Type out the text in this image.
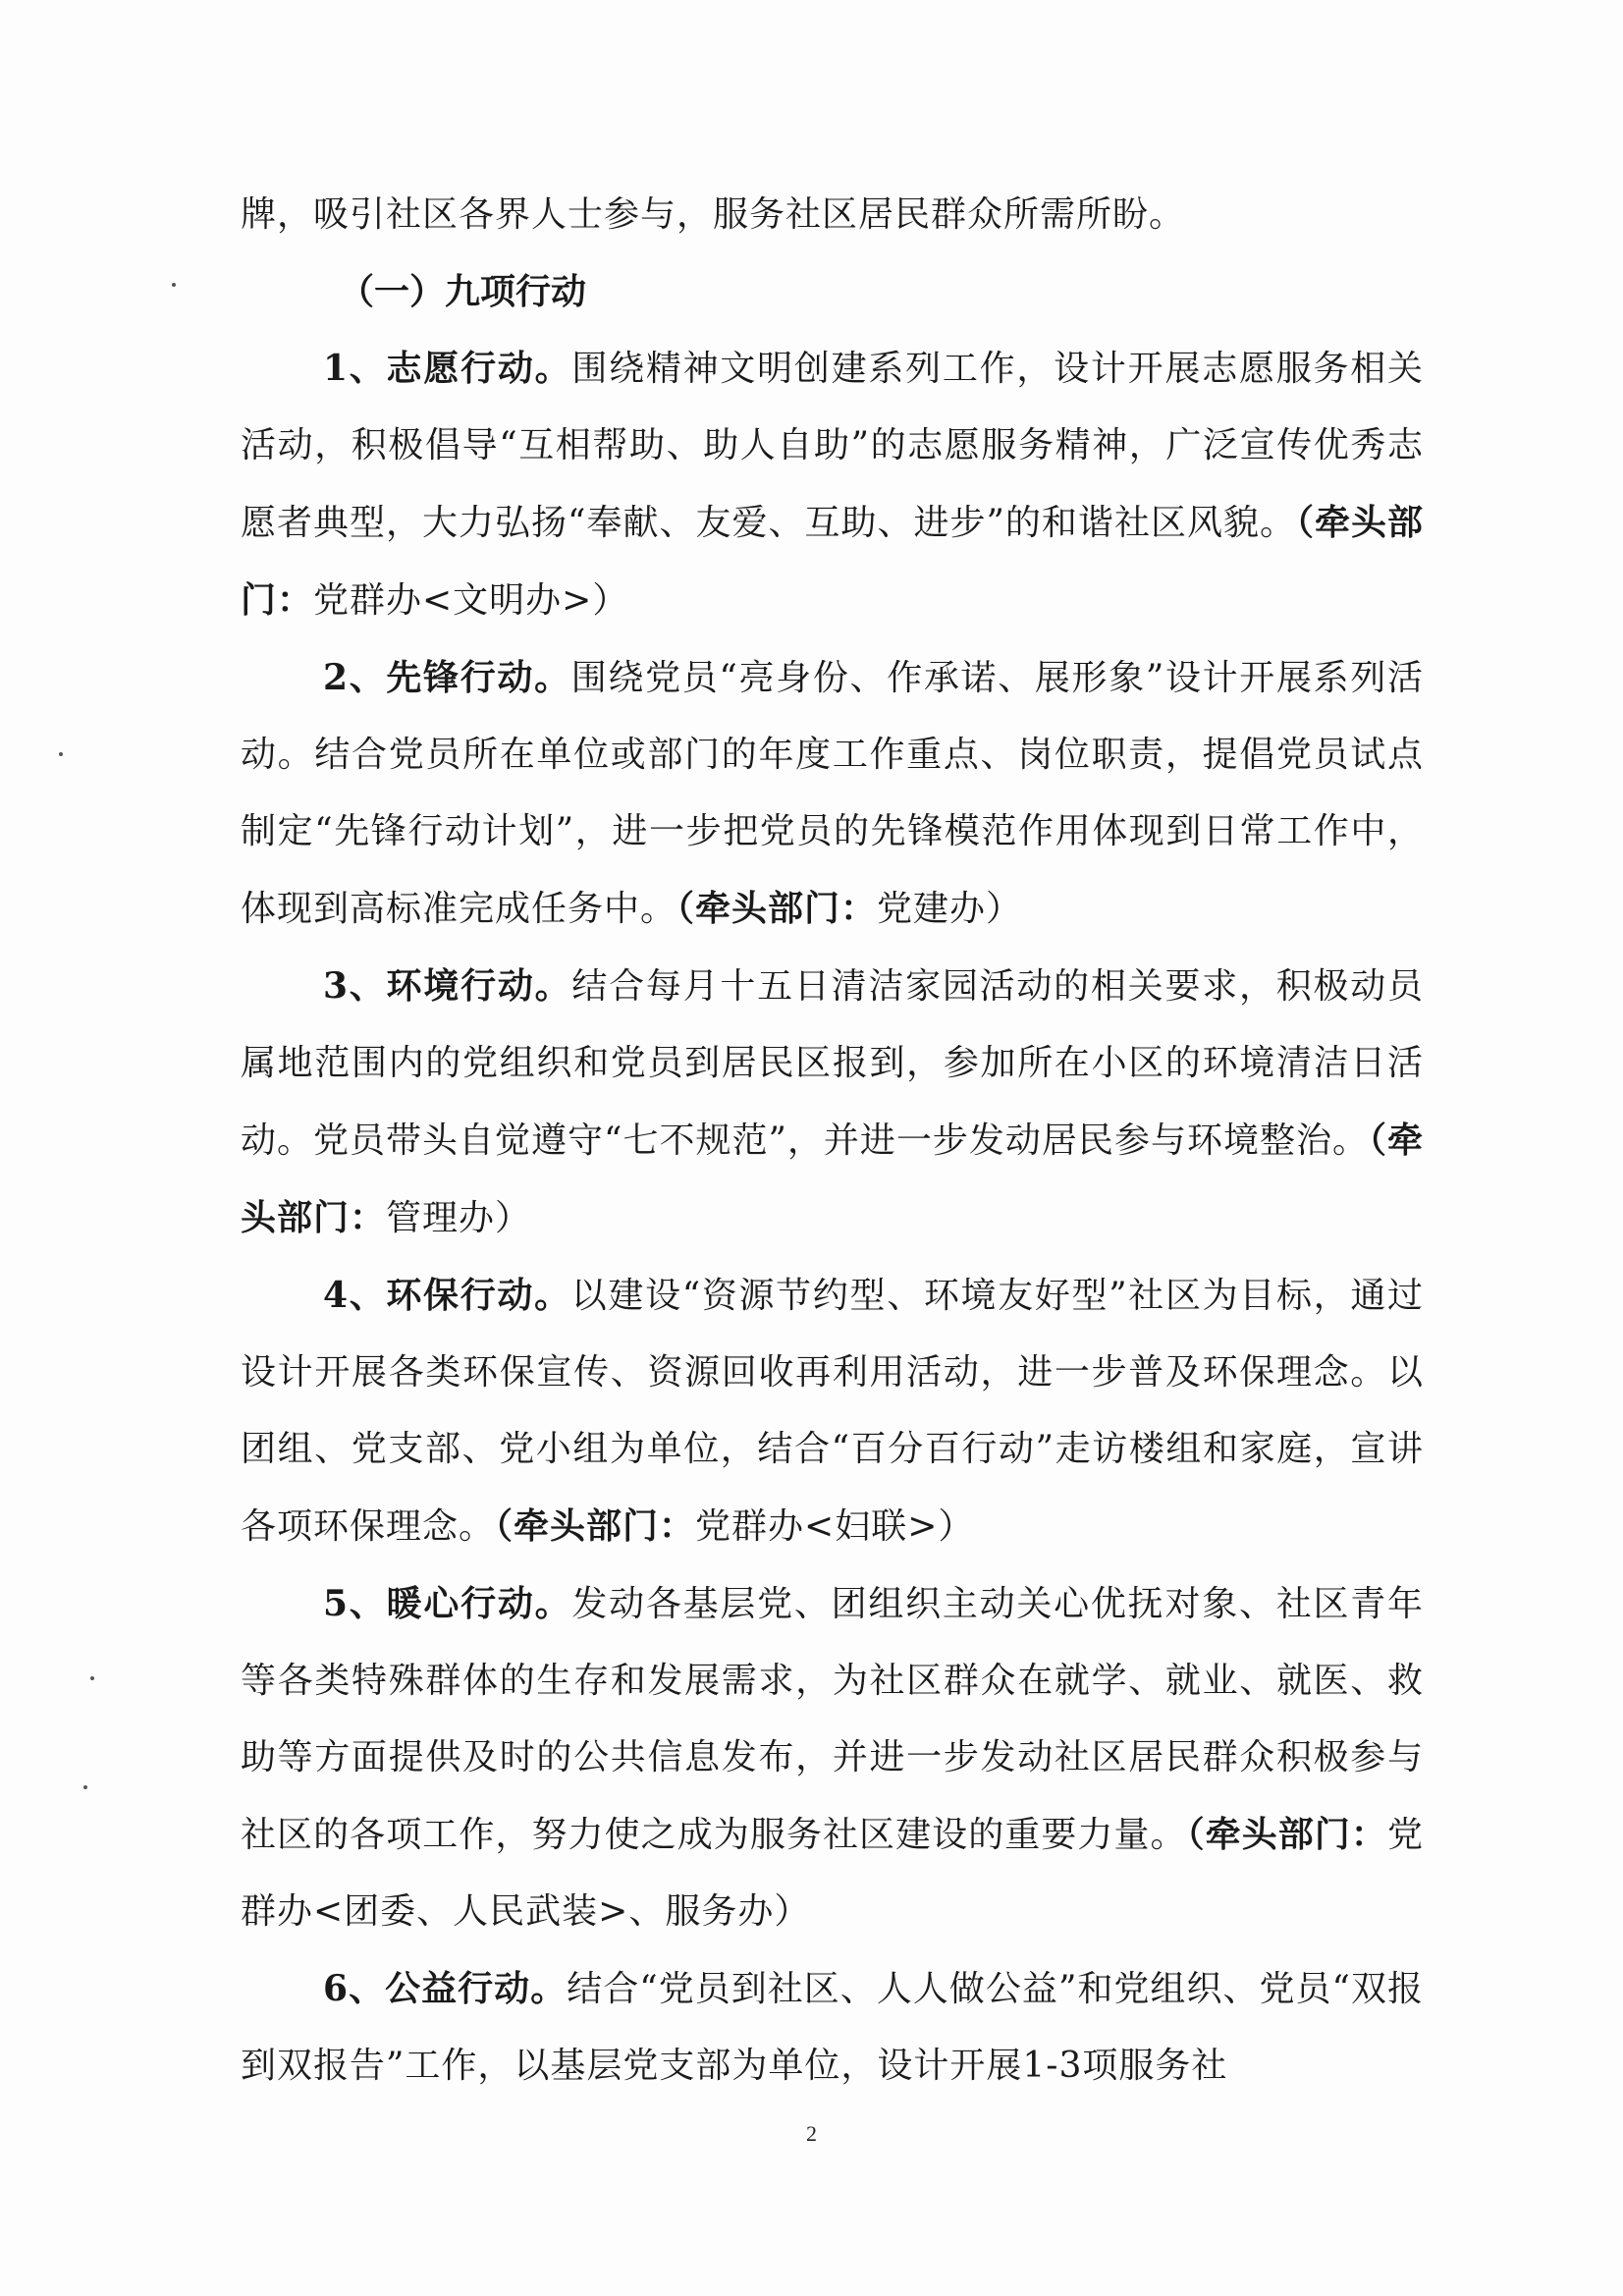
牌，吸引社区各界人士参与，服务社区居民群众所需所盼。

（一）九项行动

1、志愿行动。围绕精神文明创建系列工作，设计开展志愿服务相关活动，积极倡导“互相帮助、助人自助”的志愿服务精神，广泛宣传优秀志愿者典型，大力弘扬“奉献、友爱、互助、进步”的和谐社区风貌。（牵头部门：党群办<文明办>）

2、先锋行动。围绕党员“亮身份、作承诺、展形象”设计开展系列活动。结合党员所在单位或部门的年度工作重点、岗位职责，提倡党员试点制定“先锋行动计划”，进一步把党员的先锋模范作用体现到日常工作中，体现到高标准完成任务中。（牵头部门：党建办）

3、环境行动。结合每月十五日清洁家园活动的相关要求，积极动员属地范围内的党组织和党员到居民区报到，参加所在小区的环境清洁日活动。党员带头自觉遵守“七不规范”，并进一步发动居民参与环境整治。（牵头部门：管理办）

4、环保行动。以建设“资源节约型、环境友好型”社区为目标，通过设计开展各类环保宣传、资源回收再利用活动，进一步普及环保理念。以团组、党支部、党小组为单位，结合“百分百行动”走访楼组和家庭，宣讲各项环保理念。（牵头部门：党群办<妇联>）

5、暖心行动。发动各基层党、团组织主动关心优抚对象、社区青年等各类特殊群体的生存和发展需求，为社区群众在就学、就业、就医、救助等方面提供及时的公共信息发布，并进一步发动社区居民群众积极参与社区的各项工作，努力使之成为服务社区建设的重要力量。（牵头部门：党群办<团委、人民武装>、服务办）

6、公益行动。结合“党员到社区、人人做公益”和党组织、党员“双报到双报告”工作，以基层党支部为单位，设计开展1-3项服务社

2
